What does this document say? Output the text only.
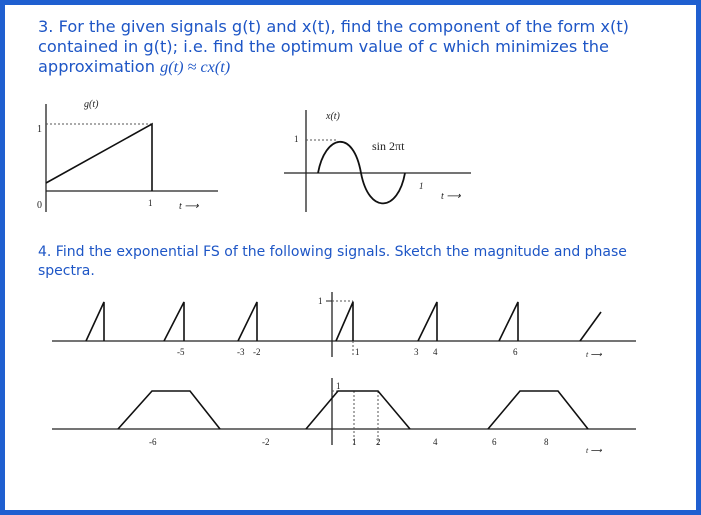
3. For the given signals g(t) and x(t), find the component of the form x(t) contained in g(t); i.e. find the optimum value of c which minimizes the approximation g(t) ≈ cx(t)
4. Find the exponential FS of the following signals. Sketch the magnitude and phase spectra.
g(t)
1
0	1	t ⟶
x(t)
1	sin 2πt
1
t ⟶
1
-5	-3 -2	1	3 4	6	t ⟶
1
-6	-2	1 2	4	6	8
t ⟶
